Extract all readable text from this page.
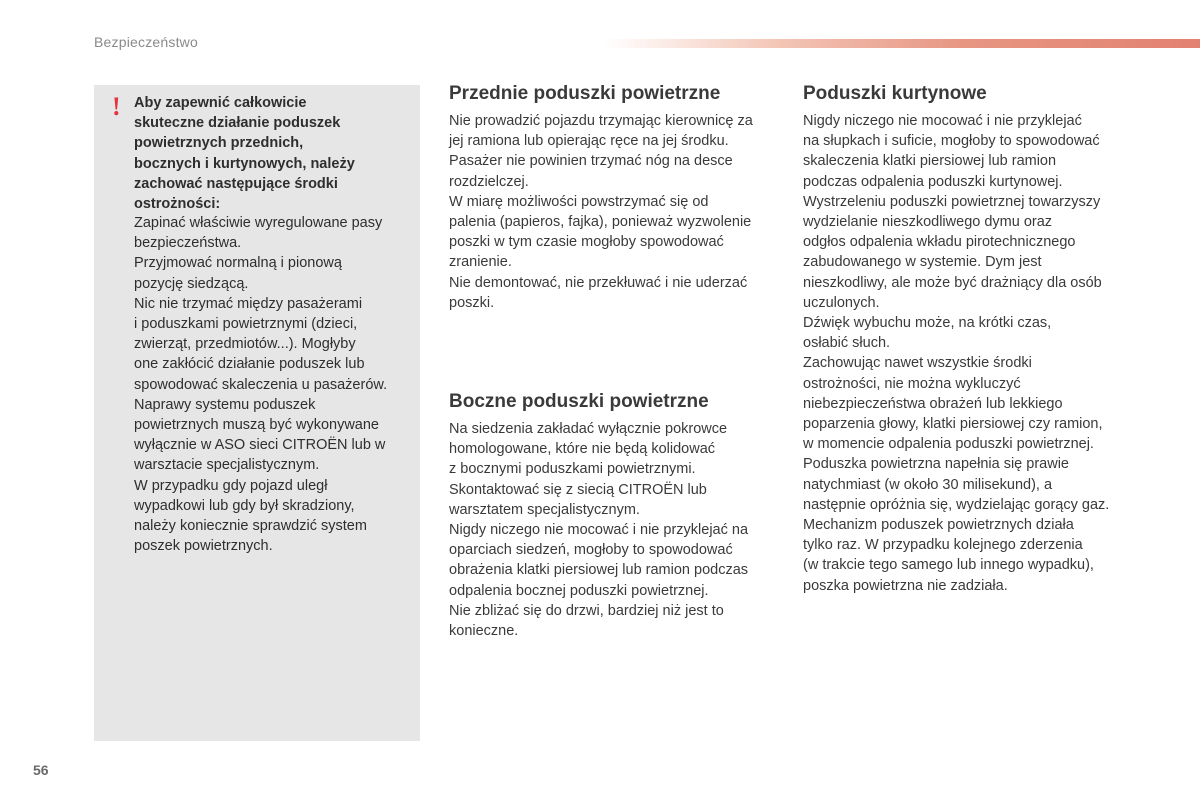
Bezpieczeństwo
! Aby zapewnić całkowicie
skuteczne działanie poduszek
powietrznych przednich,
bocznych i kurtynowych, należy
zachować następujące środki
ostrożności:
Zapinać właściwie wyregulowane pasy
bezpieczeństwa.
Przyjmować normalną i pionową
pozycję siedzącą.
Nic nie trzymać między pasażerami
i poduszkami powietrznymi (dzieci,
zwierząt, przedmiotów...). Mogłyby
one zakłócić działanie poduszek lub
spowodować skaleczenia u pasażerów.
Naprawy systemu poduszek
powietrznych muszą być wykonywane
wyłącznie w ASO sieci CITROËN lub w
warsztacie specjalistycznym.
W przypadku gdy pojazd uległ
wypadkowi lub gdy był skradziony,
należy koniecznie sprawdzić system
poszek powietrznych.
Przednie poduszki powietrzne
Nie prowadzić pojazdu trzymając kierownicę za
jej ramiona lub opierając ręce na jej środku.
Pasażer nie powinien trzymać nóg na desce
rozdzielczej.
W miarę możliwości powstrzymać się od
palenia (papieros, fajka), ponieważ wyzwolenie
poszki w tym czasie mogłoby spowodować
zranienie.
Nie demontować, nie przekłuwać i nie uderzać
poszki.
Boczne poduszki powietrzne
Na siedzenia zakładać wyłącznie pokrowce
homologowane, które nie będą kolidować
z bocznymi poduszkami powietrznymi.
Skontaktować się z siecią CITROËN lub
warsztatem specjalistycznym.
Nigdy niczego nie mocować i nie przyklejać na
oparciach siedzeń, mogłoby to spowodować
obrażenia klatki piersiowej lub ramion podczas
odpalenia bocznej poduszki powietrznej.
Nie zbliżać się do drzwi, bardziej niż jest to
konieczne.
Poduszki kurtynowe
Nigdy niczego nie mocować i nie przyklejać
na słupkach i suficie, mogłoby to spowodować
skaleczenia klatki piersiowej lub ramion
podczas odpalenia poduszki kurtynowej.
Wystrzeleniu poduszki powietrznej towarzyszy
wydzielanie nieszkodliwego dymu oraz
odgłos odpalenia wkładu pirotechnicznego
zabudowanego w systemie. Dym jest
nieszkodliwy, ale może być drażniący dla osób
uczulonych.
Dźwięk wybuchu może, na krótki czas,
osłabić słuch.
Zachowując nawet wszystkie środki
ostrożności, nie można wykluczyć
niebezpieczeństwa obrażeń lub lekkiego
poparzenia głowy, klatki piersiowej czy ramion,
w momencie odpalenia poduszki powietrznej.
Poduszka powietrzna napełnia się prawie
natychmiast (w około 30 milisekund), a
następnie opróżnia się, wydzielając gorący gaz.
Mechanizm poduszek powietrznych działa
tylko raz. W przypadku kolejnego zderzenia
(w trakcie tego samego lub innego wypadku),
poszka powietrzna nie zadziała.
56
